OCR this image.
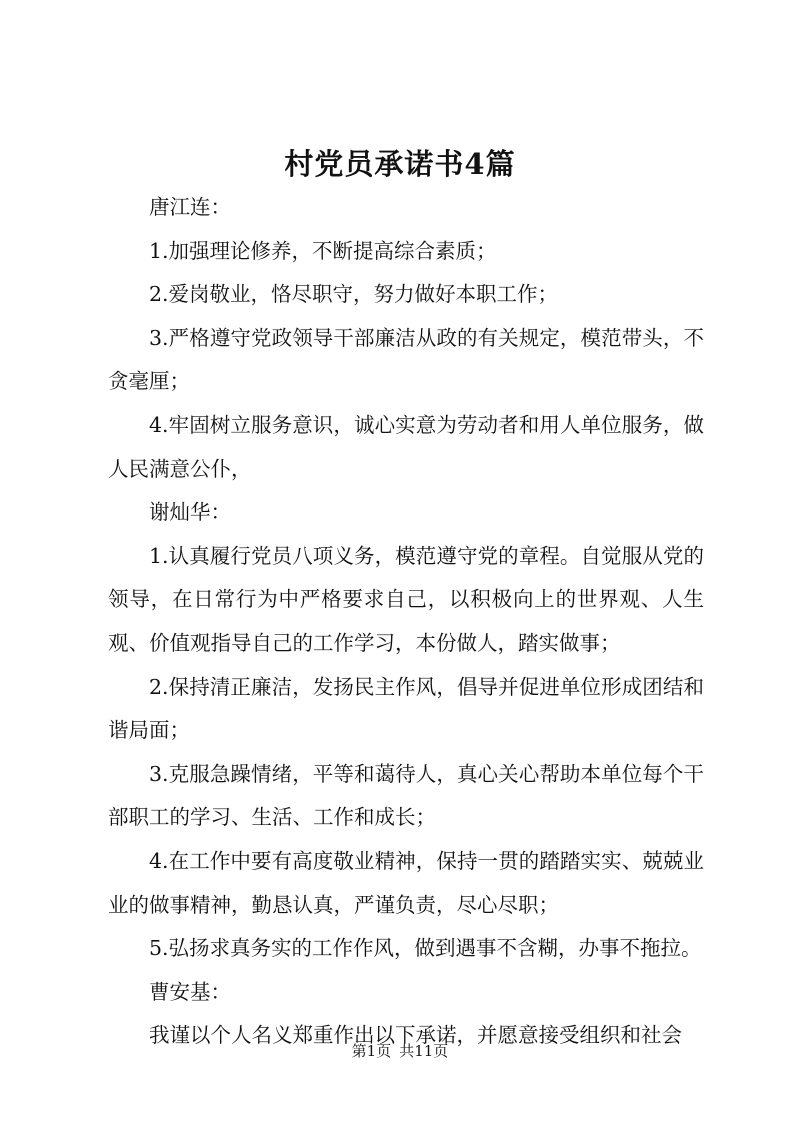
村党员承诺书4篇

唐江连：

1.加强理论修养，不断提高综合素质；

2.爱岗敬业，恪尽职守，努力做好本职工作；

3.严格遵守党政领导干部廉洁从政的有关规定，模范带头，不贪毫厘；

4.牢固树立服务意识，诚心实意为劳动者和用人单位服务，做人民满意公仆，

谢灿华：

1.认真履行党员八项义务，模范遵守党的章程。自觉服从党的领导，在日常行为中严格要求自己，以积极向上的世界观、人生观、价值观指导自己的工作学习，本份做人，踏实做事；

2.保持清正廉洁，发扬民主作风，倡导并促进单位形成团结和谐局面；

3.克服急躁情绪，平等和蔼待人，真心关心帮助本单位每个干部职工的学习、生活、工作和成长；

4.在工作中要有高度敬业精神，保持一贯的踏踏实实、兢兢业业的做事精神，勤恳认真，严谨负责，尽心尽职；

5.弘扬求真务实的工作作风，做到遇事不含糊，办事不拖拉。

曹安基：

我谨以个人名义郑重作出以下承诺，并愿意接受组织和社会

第1页 共11页
